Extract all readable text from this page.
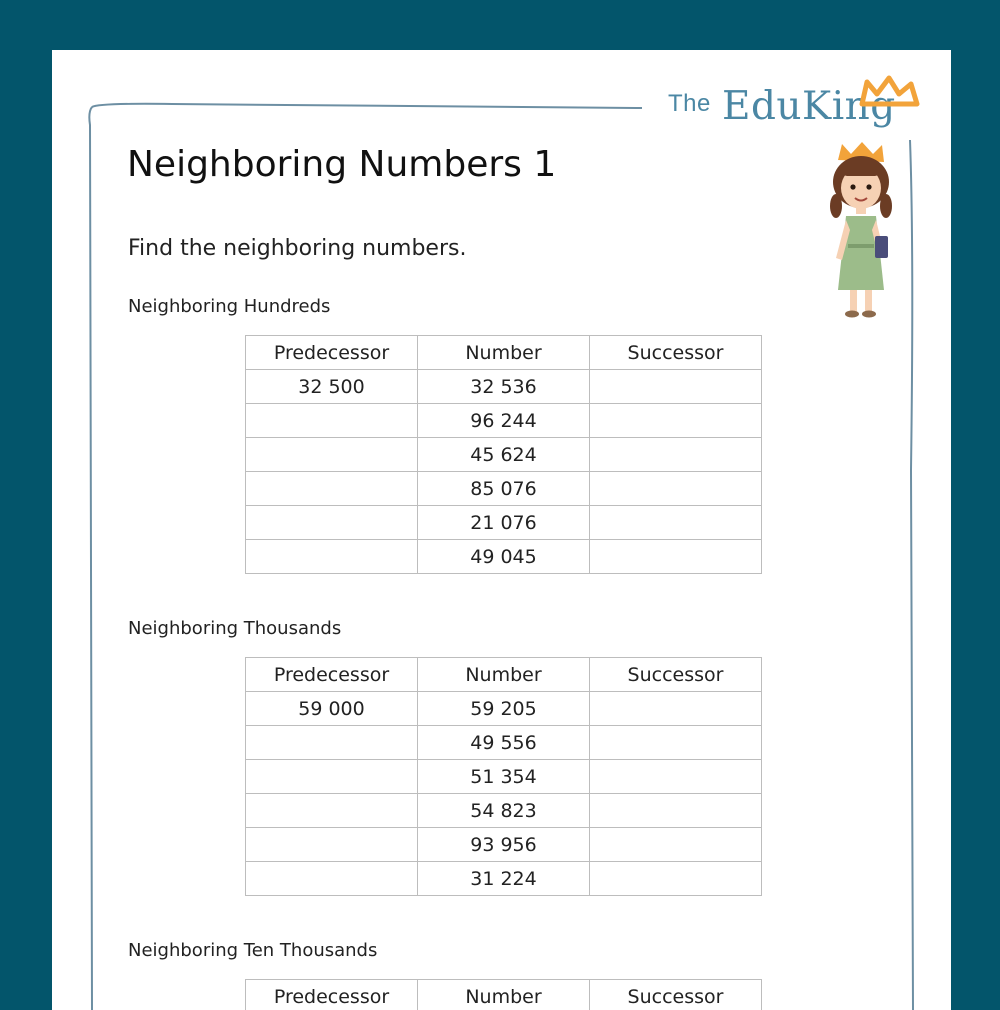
The EduKing
Neighboring Numbers 1
Find the neighboring numbers.
Neighboring Hundreds
Predecessor	Number	Successor
32 500	32 536	
	96 244	
	45 624	
	85 076	
	21 076	
	49 045	
Neighboring Thousands
Predecessor	Number	Successor
59 000	59 205	
	49 556	
	51 354	
	54 823	
	93 956	
	31 224	
Neighboring Ten Thousands
Predecessor	Number	Successor
